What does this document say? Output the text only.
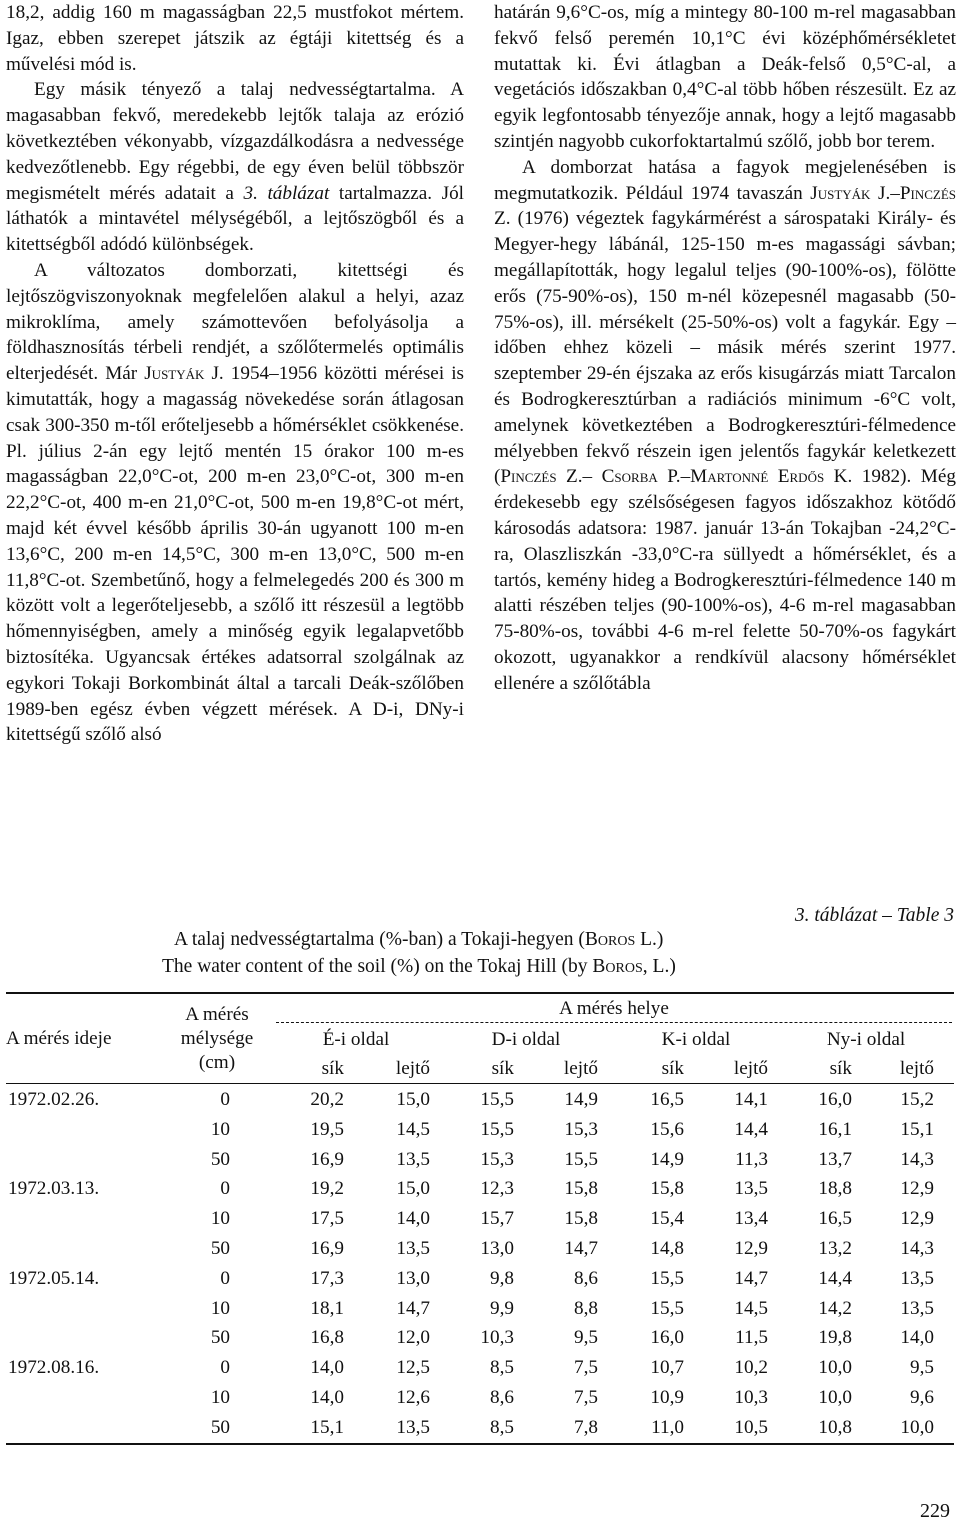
18,2, addig 160 m magasságban 22,5 mustfokot mértem. Igaz, ebben szerepet játszik az égtáji kitettség és a művelési mód is.

Egy másik tényező a talaj nedvességtartalma. A magasabban fekvő, meredekebb lejtők talaja az erózió következtében vékonyabb, vízgazdálkodásra a nedvessége kedvezőtlenebb. Egy régebbi, de egy éven belül többször megismételt mérés adatait a 3. táblázat tartalmazza. Jól láthatók a mintavétel mélységéből, a lejtőszögből és a kitettségből adódó különbségek.

A változatos domborzati, kitettségi és lejtőszögviszonyoknak megfelelően alakul a helyi, azaz mikroklíma, amely számottevően befolyásolja a földhasznosítás térbeli rendjét, a szőlőtermelés optimális elterjedését. Már Justyák J. 1954–1956 közötti mérései is kimutatták, hogy a magasság növekedése során átlagosan csak 300-350 m-től erőteljesebb a hőmérséklet csökkenése. Pl. július 2-án egy lejtő mentén 15 órakor 100 m-es magasságban 22,0°C-ot, 200 m-en 23,0°C-ot, 300 m-en 22,2°C-ot, 400 m-en 21,0°C-ot, 500 m-en 19,8°C-ot mért, majd két évvel később április 30-án ugyanott 100 m-en 13,6°C, 200 m-en 14,5°C, 300 m-en 13,0°C, 500 m-en 11,8°C-ot. Szembetűnő, hogy a felmelegedés 200 és 300 m között volt a legerőteljesebb, a szőlő itt részesül a legtöbb hőmennyiségben, amely a minőség egyik legalapvetőbb biztosítéka. Ugyancsak értékes adatsorral szolgálnak az egykori Tokaji Borkombinát által a tarcali Deák-szőlőben 1989-ben egész évben végzett mérések. A D-i, DNy-i kitettségű szőlő alsó

határán 9,6°C-os, míg a mintegy 80-100 m-rel magasabban fekvő felső peremén 10,1°C évi középhőmérsékletet mutattak ki. Évi átlagban a Deák-felső 0,5°C-al, a vegetációs időszakban 0,4°C-al több hőben részesült. Ez az egyik legfontosabb tényezője annak, hogy a lejtő magasabb szintjén nagyobb cukorfoktartalmú szőlő, jobb bor terem.

A domborzat hatása a fagyok megjelenésében is megmutatkozik. Például 1974 tavaszán Justyák J.–Pinczés Z. (1976) végeztek fagykármérést a sárospataki Király- és Megyer-hegy lábánál, 125-150 m-es magassági sávban; megállapították, hogy legalul teljes (90-100%-os), fölötte erős (75-90%-os), 150 m-nél közepesnél magasabb (50-75%-os), ill. mérsékelt (25-50%-os) volt a fagykár. Egy – időben ehhez közeli – másik mérés szerint 1977. szeptember 29-én éjszaka az erős kisugárzás miatt Tarcalon és Bodrogkeresztúrban a radiációs minimum -6°C volt, amelynek következtében a Bodrogkeresztúri-félmedence mélyebben fekvő részein igen jelentős fagykár keletkezett (Pinczés Z.– Csorba P.–Martonné Erdős K. 1982). Még érdekesebb egy szélsőségesen fagyos időszakhoz kötődő károsodás adatsora: 1987. január 13-án Tokajban -24,2°C-ra, Olaszliszkán -33,0°C-ra süllyedt a hőmérséklet, és a tartós, kemény hideg a Bodrogkeresztúri-félmedence 140 m alatti részében teljes (90-100%-os), 4-6 m-rel magasabban 75-80%-os, további 4-6 m-rel felette 50-70%-os fagykárt okozott, ugyanakkor a rendkívül alacsony hőmérséklet ellenére a szőlőtábla

3. táblázat – Table 3
A talaj nedvességtartalma (%-ban) a Tokaji-hegyen (Boros L.)
The water content of the soil (%) on the Tokaj Hill (by Boros, L.)
A mérés ideje
A mérés
mélysége
(cm)
A mérés helye
É-i oldal
sík	lejtő
D-i oldal
sík	lejtő
K-i oldal
sík	lejtő
Ny-i oldal
sík	lejtő
1972.02.26.	0	20,2	15,0	15,5	14,9	16,5	14,1	16,0	15,2
10	19,5	14,5	15,5	15,3	15,6	14,4	16,1	15,1
50	16,9	13,5	15,3	15,5	14,9	11,3	13,7	14,3
1972.03.13.	0	19,2	15,0	12,3	15,8	15,8	13,5	18,8	12,9
10	17,5	14,0	15,7	15,8	15,4	13,4	16,5	12,9
50	16,9	13,5	13,0	14,7	14,8	12,9	13,2	14,3
1972.05.14.	0	17,3	13,0	9,8	8,6	15,5	14,7	14,4	13,5
10	18,1	14,7	9,9	8,8	15,5	14,5	14,2	13,5
50	16,8	12,0	10,3	9,5	16,0	11,5	19,8	14,0
1972.08.16.	0	14,0	12,5	8,5	7,5	10,7	10,2	10,0	9,5
10	14,0	12,6	8,6	7,5	10,9	10,3	10,0	9,6
50	15,1	13,5	8,5	7,8	11,0	10,5	10,8	10,0
229
